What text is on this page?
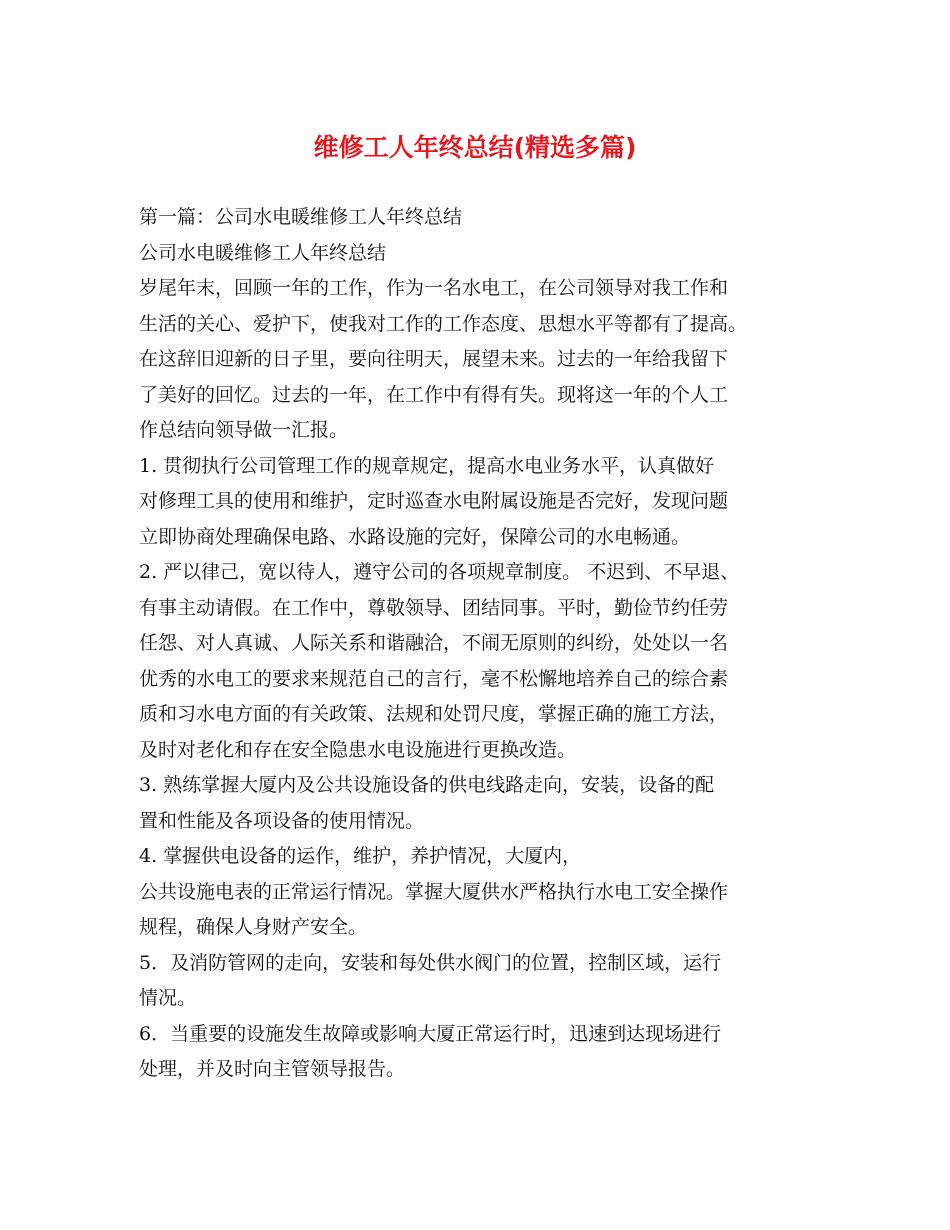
维修工人年终总结(精选多篇)

第一篇：公司水电暖维修工人年终总结

公司水电暖维修工人年终总结

岁尾年末，回顾一年的工作，作为一名水电工，在公司领导对我工作和

生活的关心、爱护下，使我对工作的工作态度、思想水平等都有了提高。

在这辞旧迎新的日子里，要向往明天，展望未来。过去的一年给我留下

了美好的回忆。过去的一年，在工作中有得有失。现将这一年的个人工

作总结向领导做一汇报。

1. 贯彻执行公司管理工作的规章规定，提高水电业务水平，认真做好

对修理工具的使用和维护，定时巡查水电附属设施是否完好，发现问题

立即协商处理确保电路、水路设施的完好，保障公司的水电畅通。

2. 严以律己，宽以待人，遵守公司的各项规章制度。 不迟到、不早退、

有事主动请假。在工作中，尊敬领导、团结同事。平时，勤俭节约任劳

任怨、对人真诚、人际关系和谐融洽，不闹无原则的纠纷，处处以一名

优秀的水电工的要求来规范自己的言行，毫不松懈地培养自己的综合素

质和习水电方面的有关政策、法规和处罚尺度，掌握正确的施工方法，

及时对老化和存在安全隐患水电设施进行更换改造。

3. 熟练掌握大厦内及公共设施设备的供电线路走向，安装，设备的配

置和性能及各项设备的使用情况。

4. 掌握供电设备的运作，维护，养护情况，大厦内，

公共设施电表的正常运行情况。掌握大厦供水严格执行水电工安全操作

规程，确保人身财产安全。

5．及消防管网的走向，安装和每处供水阀门的位置，控制区域，运行

情况。

6．当重要的设施发生故障或影响大厦正常运行时，迅速到达现场进行

处理，并及时向主管领导报告。
